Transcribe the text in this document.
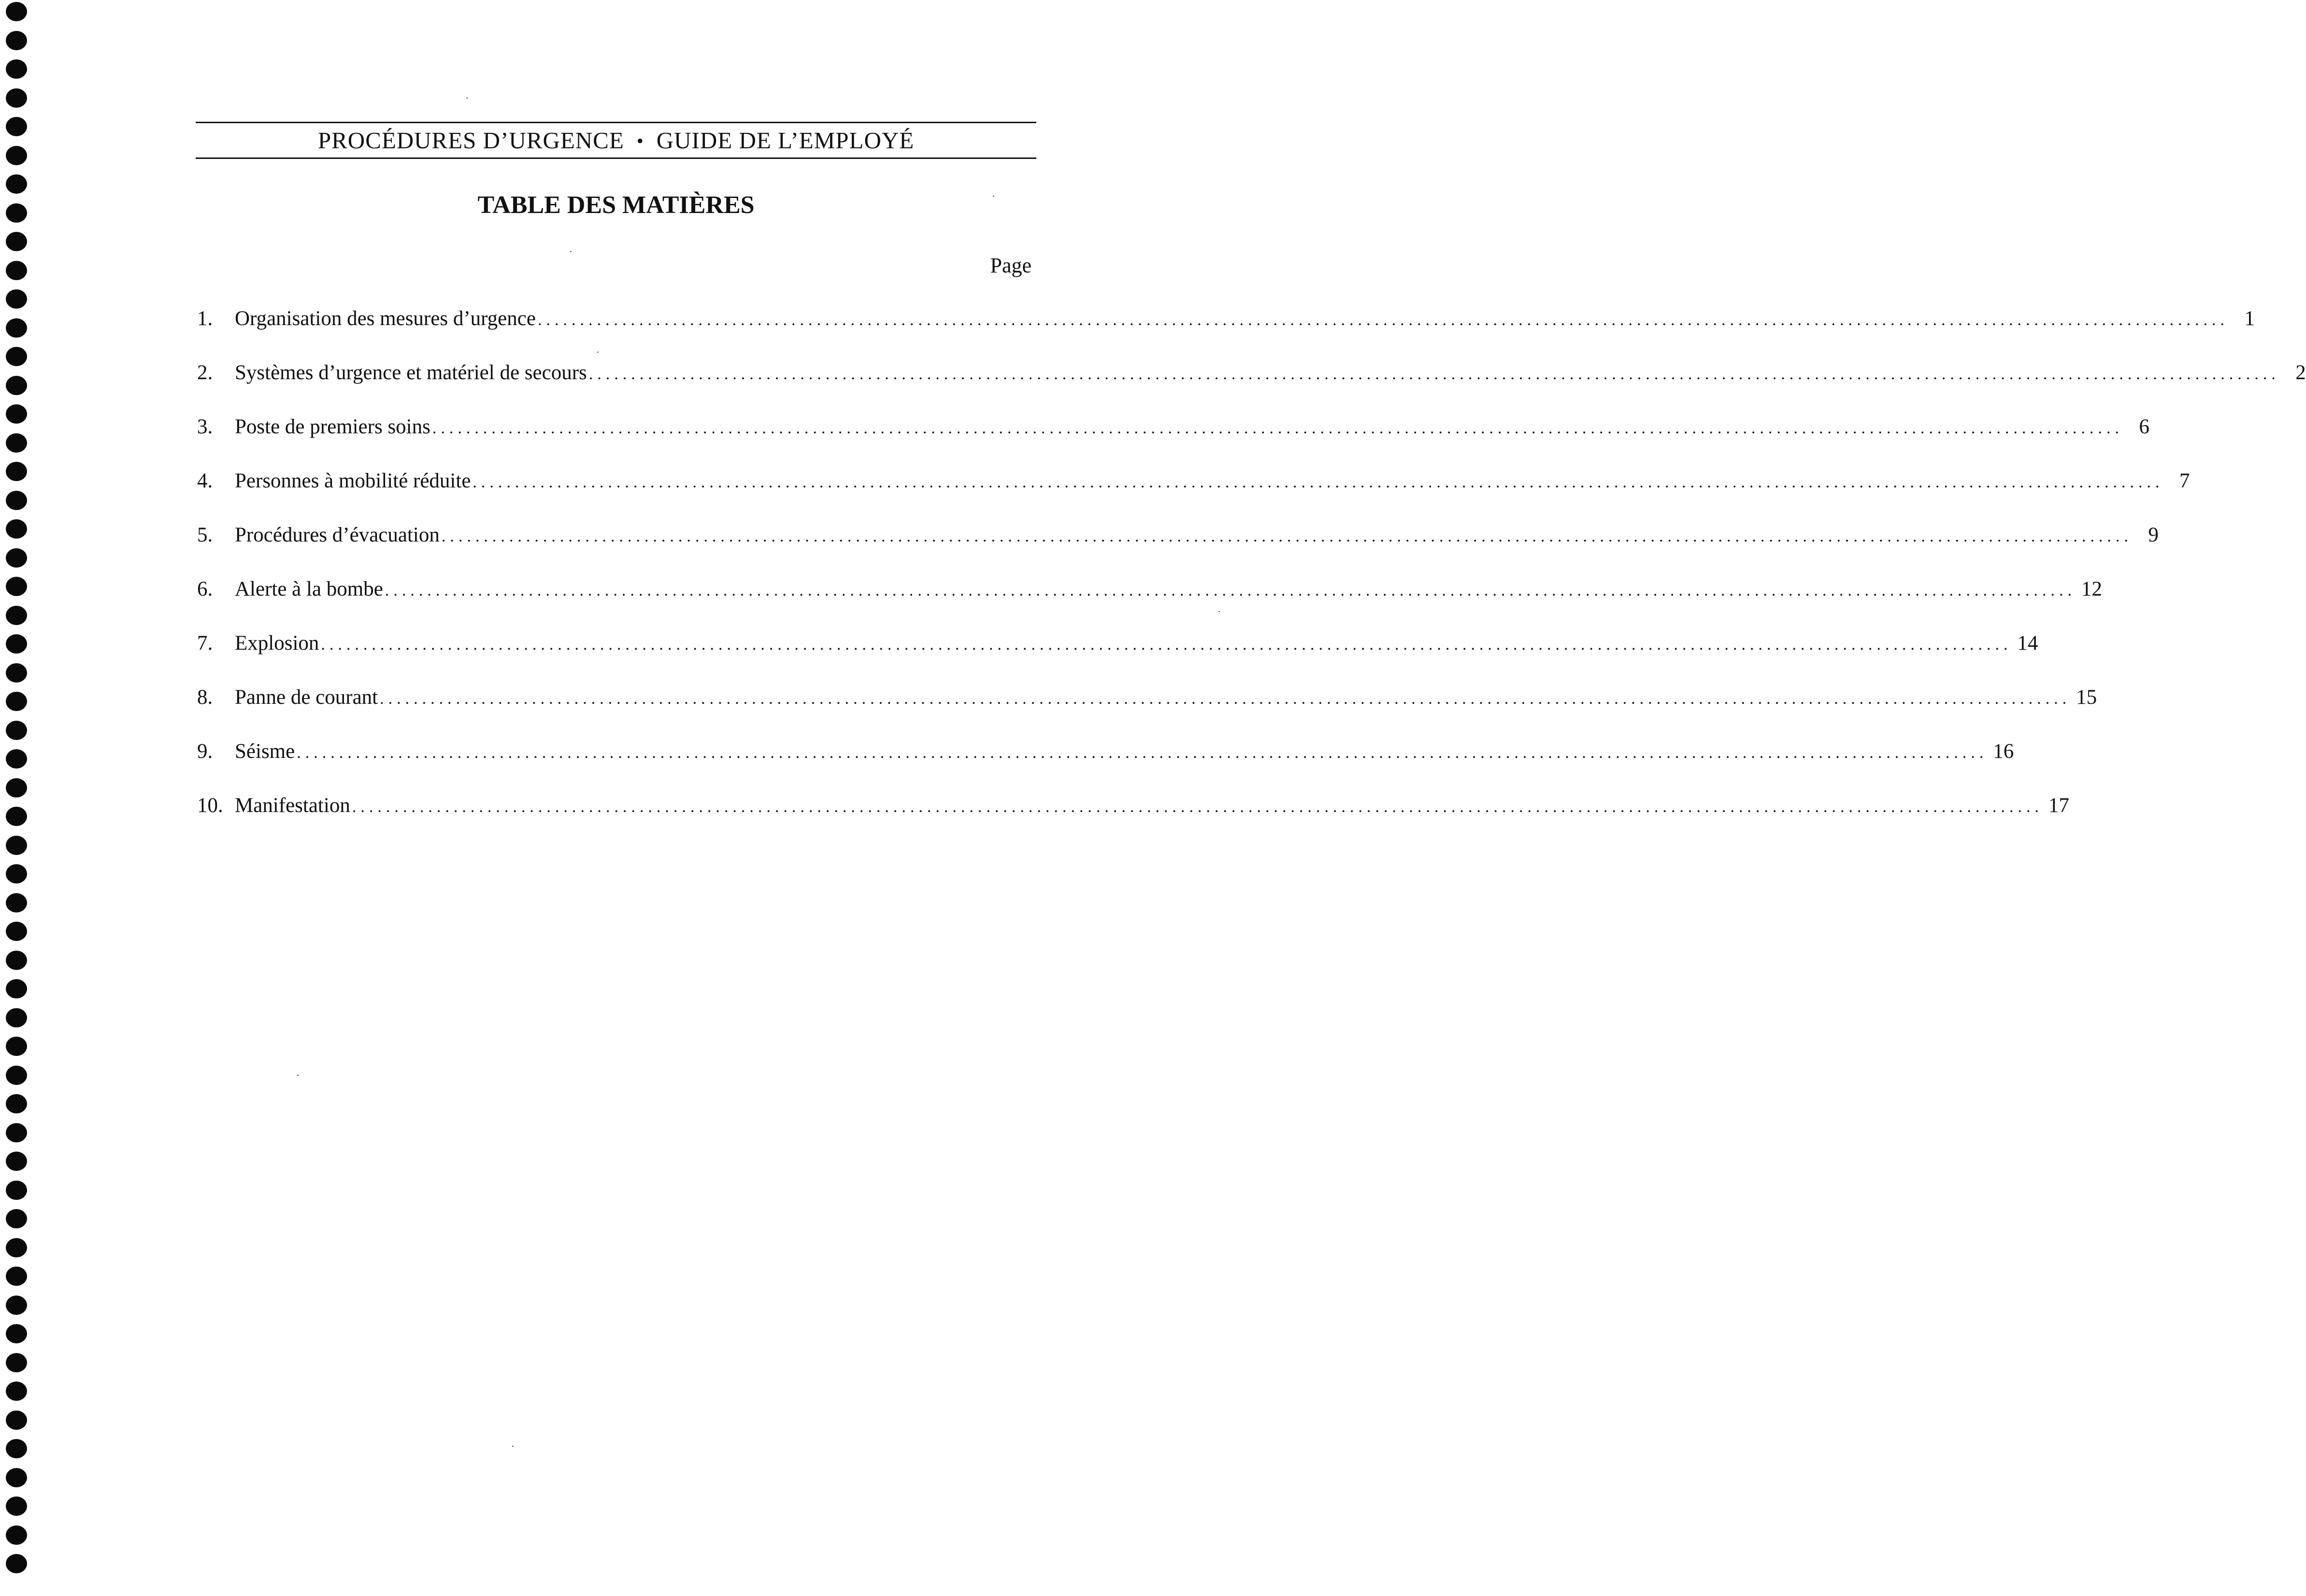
PROCÉDURES D’URGENCE • GUIDE DE L’EMPLOYÉ
TABLE DES MATIÈRES
Page
1.	Organisation des mesures d’urgence ........................................................................................................................................................................................................ 1
2.	Systèmes d’urgence et matériel de secours ........................................................................................................................................................................................................ 2
3.	Poste de premiers soins ........................................................................................................................................................................................................ 6
4.	Personnes à mobilité réduite ........................................................................................................................................................................................................ 7
5.	Procédures d’évacuation ........................................................................................................................................................................................................ 9
6.	Alerte à la bombe ........................................................................................................................................................................................................ 12
7.	Explosion ........................................................................................................................................................................................................ 14
8.	Panne de courant ........................................................................................................................................................................................................ 15
9.	Séisme ........................................................................................................................................................................................................ 16
10. Manifestation ........................................................................................................................................................................................................ 17
